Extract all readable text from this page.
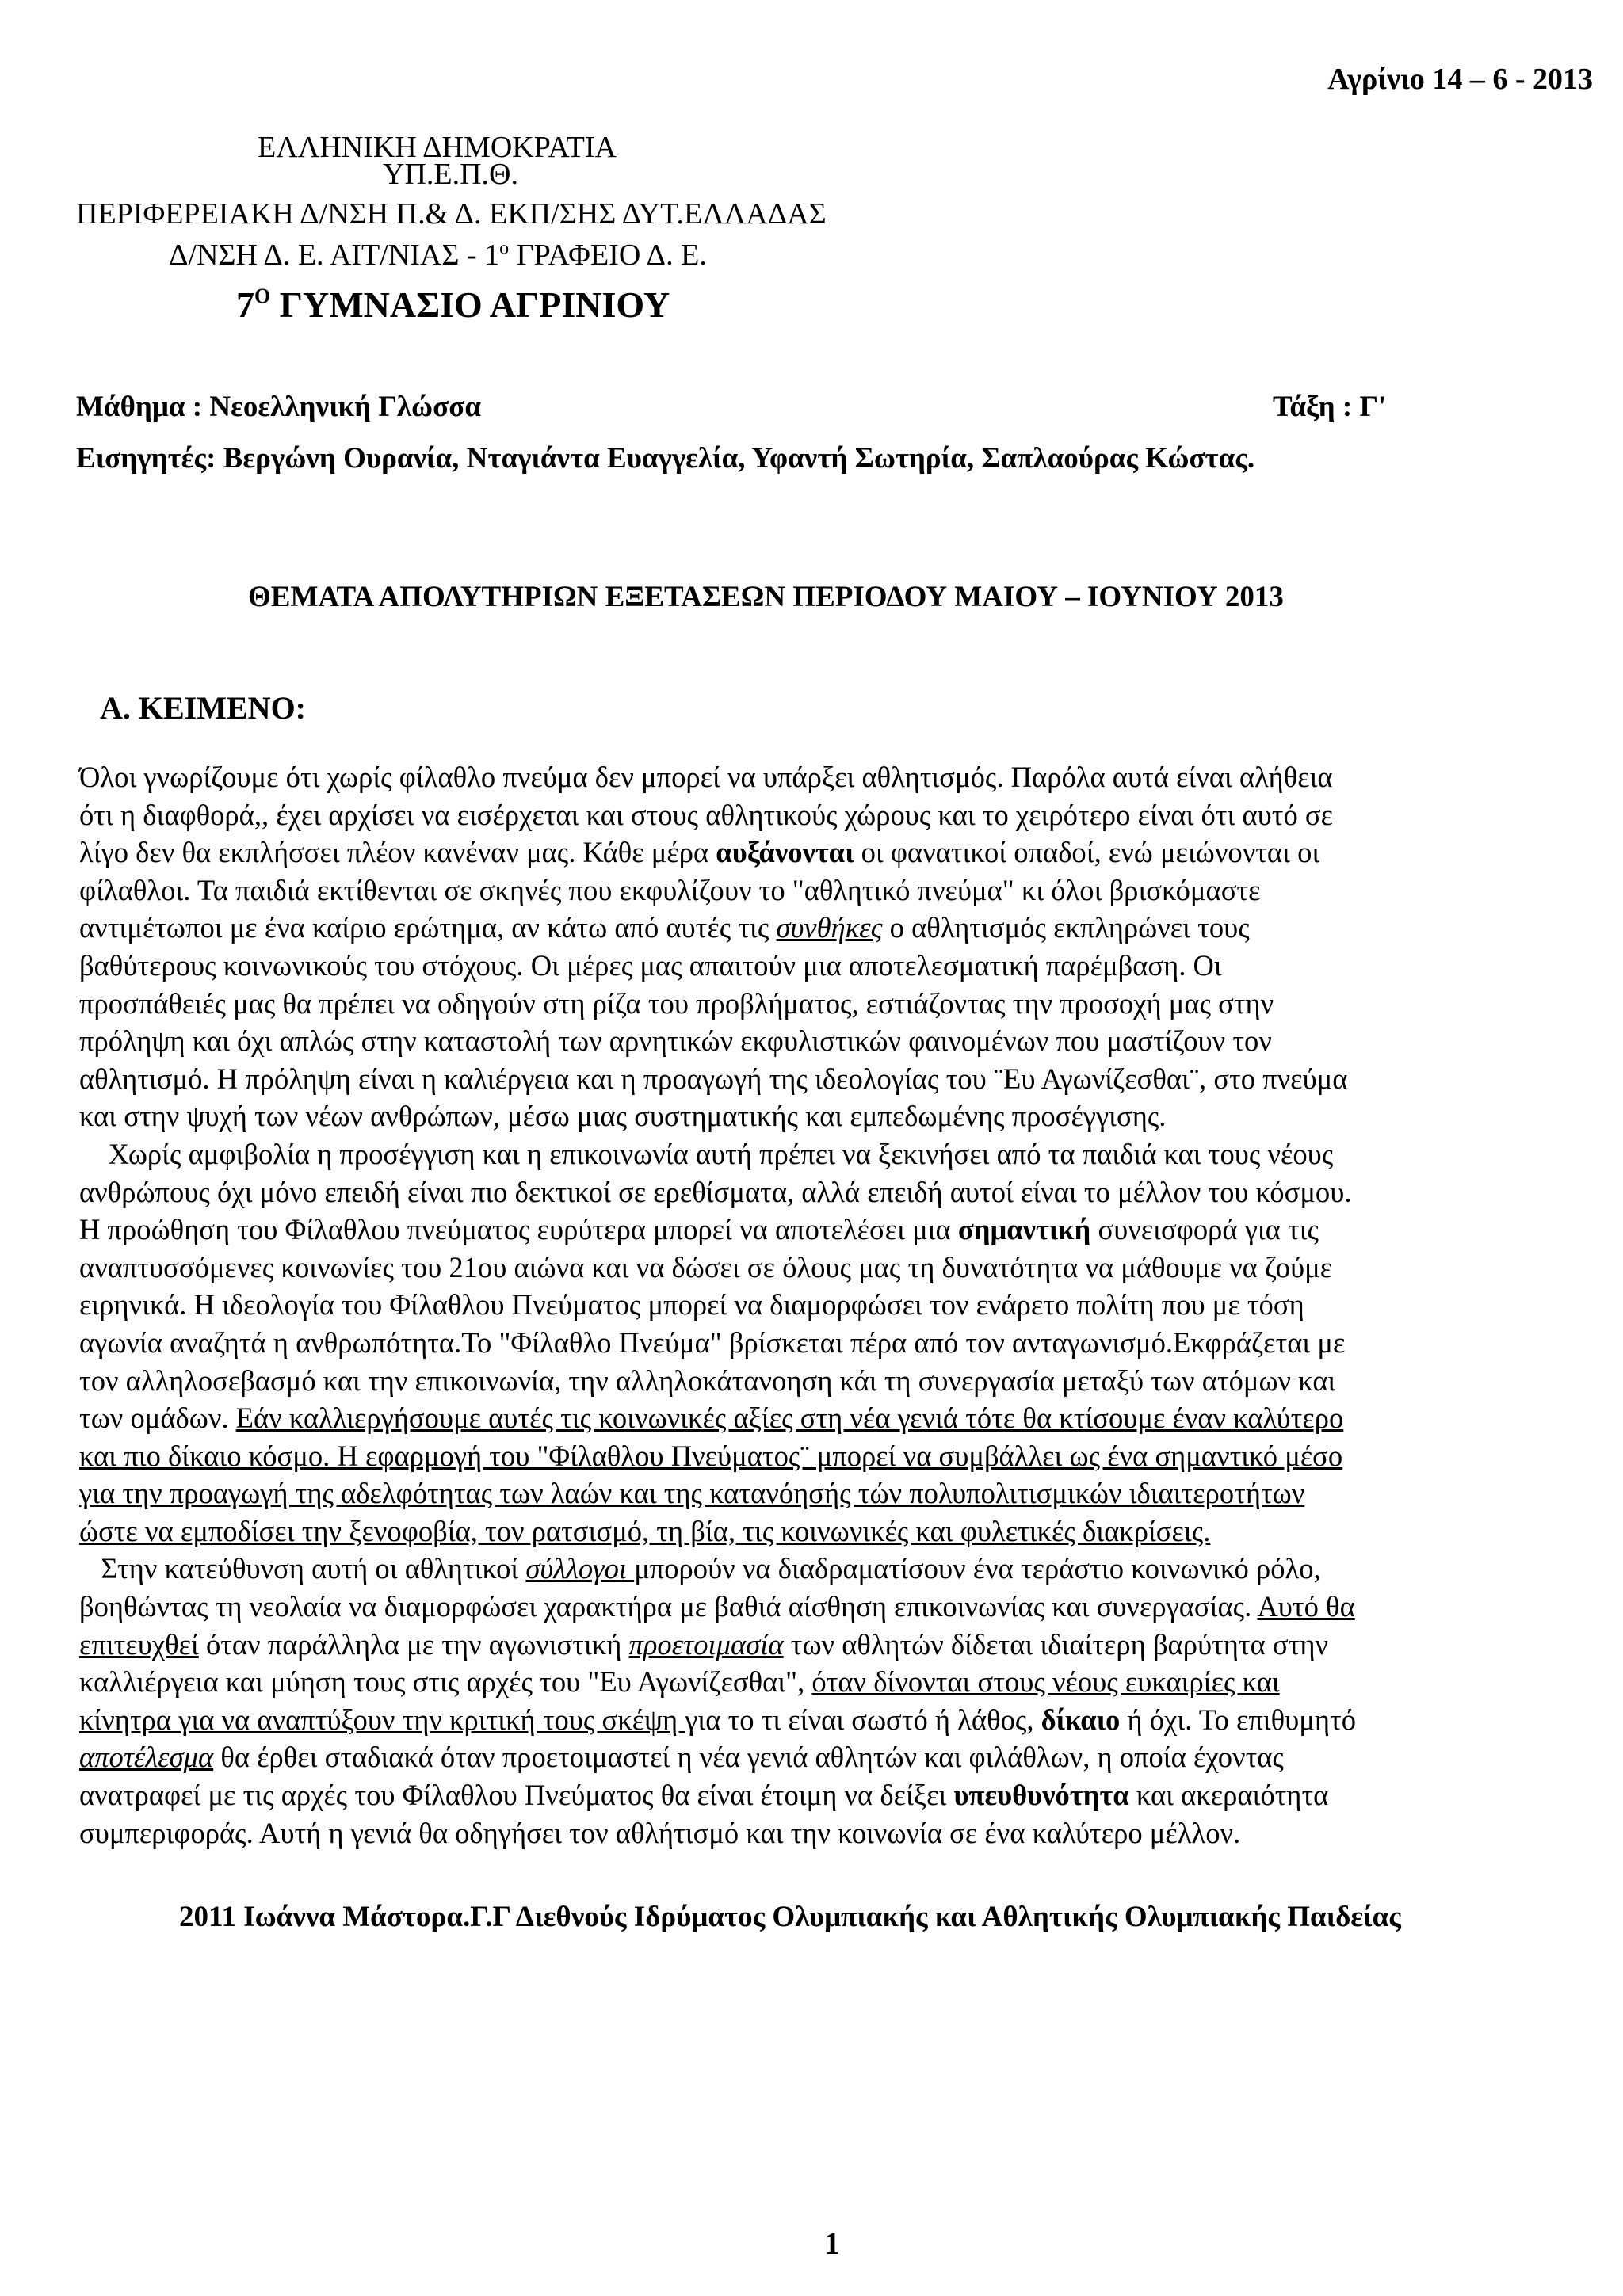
Αγρίνιο 14 – 6 - 2013
ΕΛΛΗΝΙΚΗ ΔΗΜΟΚΡΑΤΙΑ
ΥΠ.Ε.Π.Θ.
ΠΕΡΙΦΕΡΕΙΑΚΗ Δ/ΝΣΗ Π.& Δ. ΕΚΠ/ΣΗΣ ΔΥΤ.ΕΛΛΑΔΑΣ
Δ/ΝΣΗ Δ. Ε. $AIT/NIA\Sigma - 1^o$ ΓΡΑΦΕΙΟ Δ. Ε.
$7^O$ ΓΥΜΝΑΣΙΟ ΑΓΡΙΝΙΟΥ
Μάθημα : Νεοελληνική Γλώσσα	Τάξη : Γ'
Εισηγητές: Βεργώνη Ουρανία, Νταγιάντα Ευαγγελία, Υφαντή Σωτηρία, Σαπλαούρας Κώστας.
ΘΕΜΑΤΑ ΑΠΟΛΥΤΗΡΙΩΝ ΕΞΕΤΑΣΕΩΝ ΠΕΡΙΟΔΟΥ ΜΑΙΟΥ – ΙΟΥΝΙΟΥ 2013
Α. ΚΕΙΜΕΝΟ:
Όλοι γνωρίζουμε ότι χωρίς φίλαθλο πνεύμα δεν μπορεί να υπάρξει αθλητισμός. Παρόλα αυτά είναι αλήθεια
ότι η διαφθορά,, έχει αρχίσει να εισέρχεται και στους αθλητικούς χώρους και το χειρότερο είναι ότι αυτό σε
λίγο δεν θα εκπλήσσει πλέον κανέναν μας. Κάθε μέρα αυξάνονται οι φανατικοί οπαδοί, ενώ μειώνονται οι
φίλαθλοι. Τα παιδιά εκτίθενται σε σκηνές που εκφυλίζουν το "αθλητικό πνεύμα" κι όλοι βρισκόμαστε
αντιμέτωποι με ένα καίριο ερώτημα, αν κάτω από αυτές τις συνθήκες ο αθλητισμός εκπληρώνει τους
βαθύτερους κοινωνικούς του στόχους. Οι μέρες μας απαιτούν μια αποτελεσματική παρέμβαση. Οι
προσπάθειές μας θα πρέπει να οδηγούν στη ρίζα του προβλήματος, εστιάζοντας την προσοχή μας στην
πρόληψη και όχι απλώς στην καταστολή των αρνητικών εκφυλιστικών φαινομένων που μαστίζουν τον
αθλητισμό. Η πρόληψη είναι η καλιέργεια και η προαγωγή της ιδεολογίας του ¨Ευ Αγωνίζεσθαι¨, στο πνεύμα
και στην ψυχή των νέων ανθρώπων, μέσω μιας συστηματικής και εμπεδωμένης προσέγγισης.
Χωρίς αμφιβολία η προσέγγιση και η επικοινωνία αυτή πρέπει να ξεκινήσει από τα παιδιά και τους νέους
ανθρώπους όχι μόνο επειδή είναι πιο δεκτικοί σε ερεθίσματα, αλλά επειδή αυτοί είναι το μέλλον του κόσμου.
Η προώθηση του Φίλαθλου πνεύματος ευρύτερα μπορεί να αποτελέσει μια σημαντική συνεισφορά για τις
αναπτυσσόμενες κοινωνίες του 21ου αιώνα και να δώσει σε όλους μας τη δυνατότητα να μάθουμε να ζούμε
ειρηνικά. Η ιδεολογία του Φίλαθλου Πνεύματος μπορεί να διαμορφώσει τον ενάρετο πολίτη που με τόση
αγωνία αναζητά η ανθρωπότητα.Το "Φίλαθλο Πνεύμα" βρίσκεται πέρα από τον ανταγωνισμό.Εκφράζεται με
τον αλληλοσεβασμό και την επικοινωνία, την αλληλοκάτανοηση κάι τη συνεργασία μεταξύ των ατόμων και
των ομάδων. Εάν καλλιεργήσουμε αυτές τις κοινωνικές αξίες στη νέα γενιά τότε θα κτίσουμε έναν καλύτερο
και πιο δίκαιο κόσμο. Η εφαρμογή του "Φίλαθλου Πνεύματος¨ μπορεί να συμβάλλει ως ένα σημαντικό μέσο
για την προαγωγή της αδελφότητας των λαών και της κατανόησής τών πολυπολιτισμικών ιδιαιτεροτήτων
ώστε να εμποδίσει την ξενοφοβία, τον ρατσισμό, τη βία, τις κοινωνικές και φυλετικές διακρίσεις.
Στην κατεύθυνση αυτή οι αθλητικοί σύλλογοι μπορούν να διαδραματίσουν ένα τεράστιο κοινωνικό ρόλο,
βοηθώντας τη νεολαία να διαμορφώσει χαρακτήρα με βαθιά αίσθηση επικοινωνίας και συνεργασίας. Αυτό θα
επιτευχθεί όταν παράλληλα με την αγωνιστική προετοιμασία των αθλητών δίδεται ιδιαίτερη βαρύτητα στην
καλλιέργεια και μύηση τους στις αρχές του "Ευ Αγωνίζεσθαι", όταν δίνονται στους νέους ευκαιρίες και
κίνητρα για να αναπτύξουν την κριτική τους σκέψη για το τι είναι σωστό ή λάθος, δίκαιο ή όχι. Το επιθυμητό
αποτέλεσμα θα έρθει σταδιακά όταν προετοιμαστεί η νέα γενιά αθλητών και φιλάθλων, η οποία έχοντας
ανατραφεί με τις αρχές του Φίλαθλου Πνεύματος θα είναι έτοιμη να δείξει υπευθυνότητα και ακεραιότητα
συμπεριφοράς. Αυτή η γενιά θα οδηγήσει τον αθλήτισμό και την κοινωνία σε ένα καλύτερο μέλλον.
2011 Ιωάννα Μάστορα.Γ.Γ Διεθνούς Ιδρύματος Ολυμπιακής και Αθλητικής Ολυμπιακής Παιδείας
1
